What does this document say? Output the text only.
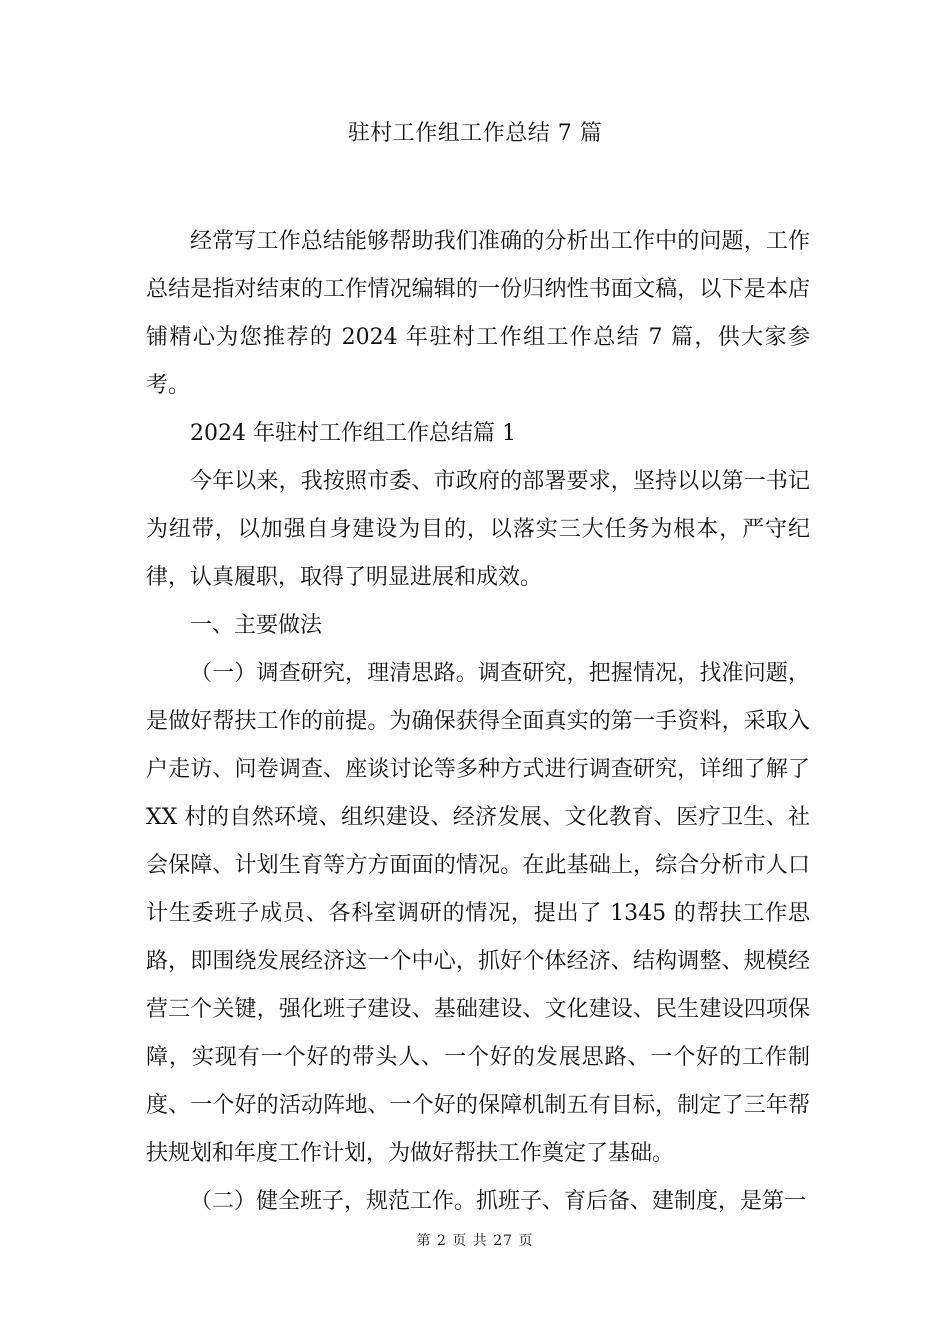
驻村工作组工作总结 7 篇

经常写工作总结能够帮助我们准确的分析出工作中的问题，工作总结是指对结束的工作情况编辑的一份归纳性书面文稿，以下是本店铺精心为您推荐的 2024 年驻村工作组工作总结 7 篇，供大家参考。

2024 年驻村工作组工作总结篇 1

今年以来，我按照市委、市政府的部署要求，坚持以以第一书记为纽带，以加强自身建设为目的，以落实三大任务为根本，严守纪律，认真履职，取得了明显进展和成效。

一、主要做法

（一）调查研究，理清思路。调查研究，把握情况，找准问题，是做好帮扶工作的前提。为确保获得全面真实的第一手资料，采取入户走访、问卷调查、座谈讨论等多种方式进行调查研究，详细了解了 XX 村的自然环境、组织建设、经济发展、文化教育、医疗卫生、社会保障、计划生育等方方面面的情况。在此基础上，综合分析市人口计生委班子成员、各科室调研的情况，提出了 1345 的帮扶工作思路，即围绕发展经济这一个中心，抓好个体经济、结构调整、规模经营三个关键，强化班子建设、基础建设、文化建设、民生建设四项保障，实现有一个好的带头人、一个好的发展思路、一个好的工作制度、一个好的活动阵地、一个好的保障机制五有目标，制定了三年帮扶规划和年度工作计划，为做好帮扶工作奠定了基础。

（二）健全班子，规范工作。抓班子、育后备、建制度，是第一

第 2 页 共 27 页
